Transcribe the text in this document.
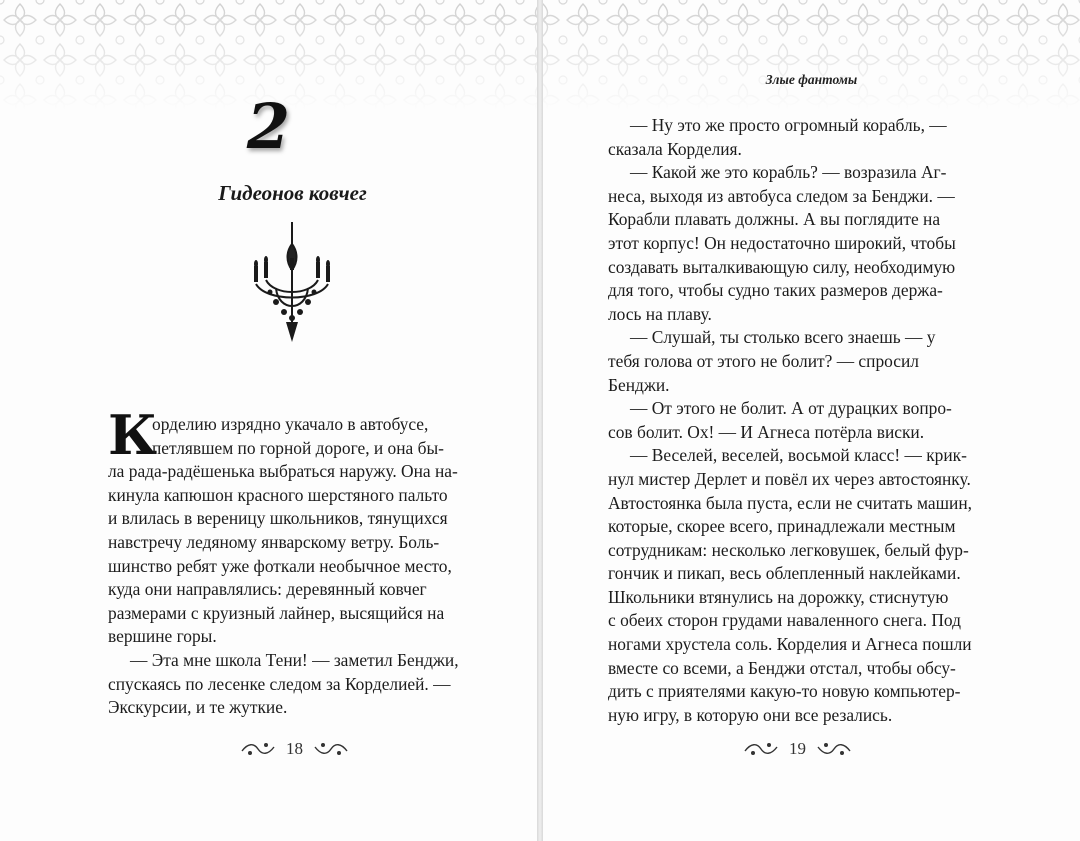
2
Гидеонов ковчег
К
орделию изрядно укачало в автобусе,
петлявшем по горной дороге, и она бы-
ла рада-радёшенька выбраться наружу. Она на-
кинула капюшон красного шерстяного пальто
и влилась в вереницу школьников, тянущихся
навстречу ледяному январскому ветру. Боль-
шинство ребят уже фоткали необычное место,
куда они направлялись: деревянный ковчег
размерами с круизный лайнер, высящийся на
вершине горы.
— Эта мне школа Тени! — заметил Бенджи,
спускаясь по лесенке следом за Корделией. —
Экскурсии, и те жуткие.
18
Злые фантомы
— Ну это же просто огромный корабль, —
сказала Корделия.
— Какой же это корабль? — возразила Аг-
неса, выходя из автобуса следом за Бенджи. —
Корабли плавать должны. А вы поглядите на
этот корпус! Он недостаточно широкий, чтобы
создавать выталкивающую силу, необходимую
для того, чтобы судно таких размеров держа-
лось на плаву.
— Слушай, ты столько всего знаешь — у
тебя голова от этого не болит? — спросил
Бенджи.
— От этого не болит. А от дурацких вопро-
сов болит. Ох! — И Агнеса потёрла виски.
— Веселей, веселей, восьмой класс! — крик-
нул мистер Дерлет и повёл их через автостоянку.
Автостоянка была пуста, если не считать машин,
которые, скорее всего, принадлежали местным
сотрудникам: несколько легковушек, белый фур-
гончик и пикап, весь облепленный наклейками.
Школьники втянулись на дорожку, стиснутую
с обеих сторон грудами наваленного снега. Под
ногами хрустела соль. Корделия и Агнеса пошли
вместе со всеми, а Бенджи отстал, чтобы обсу-
дить с приятелями какую-то новую компьютер-
ную игру, в которую они все резались.
19
